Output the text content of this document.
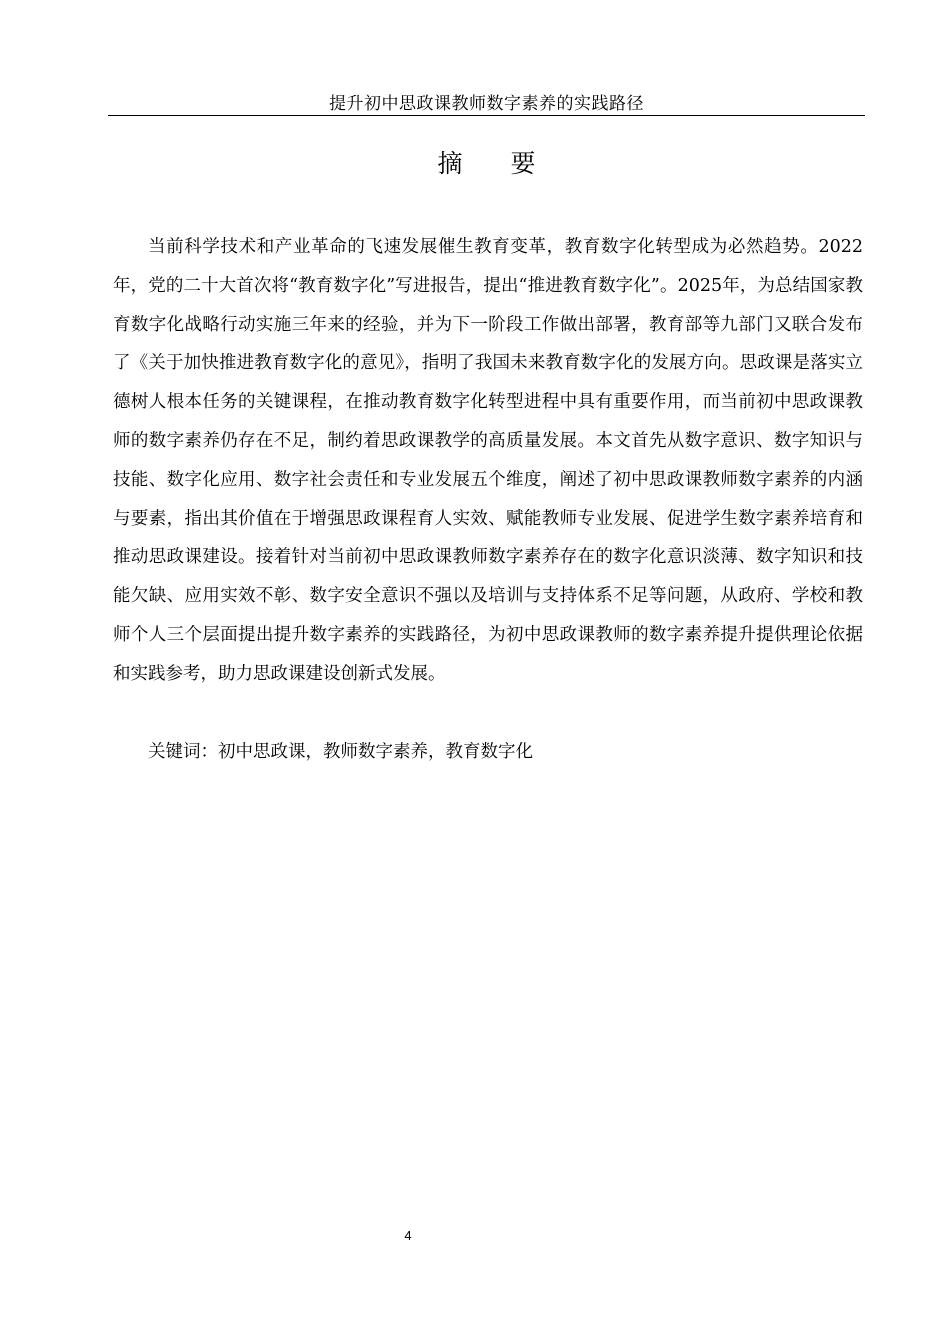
提升初中思政课教师数字素养的实践路径
摘 要

当前科学技术和产业革命的飞速发展催生教育变革，教育数字化转型成为必然趋势。2022年，党的二十大首次将“教育数字化”写进报告，提出“推进教育数字化”。2025年，为总结国家教育数字化战略行动实施三年来的经验，并为下一阶段工作做出部署，教育部等九部门又联合发布了《关于加快推进教育数字化的意见》，指明了我国未来教育数字化的发展方向。思政课是落实立德树人根本任务的关键课程，在推动教育数字化转型进程中具有重要作用，而当前初中思政课教师的数字素养仍存在不足，制约着思政课教学的高质量发展。本文首先从数字意识、数字知识与技能、数字化应用、数字社会责任和专业发展五个维度，阐述了初中思政课教师数字素养的内涵与要素，指出其价值在于增强思政课程育人实效、赋能教师专业发展、促进学生数字素养培育和推动思政课建设。接着针对当前初中思政课教师数字素养存在的数字化意识淡薄、数字知识和技能欠缺、应用实效不彰、数字安全意识不强以及培训与支持体系不足等问题，从政府、学校和教师个人三个层面提出提升数字素养的实践路径，为初中思政课教师的数字素养提升提供理论依据和实践参考，助力思政课建设创新式发展。

关键词：初中思政课，教师数字素养，教育数字化
4
